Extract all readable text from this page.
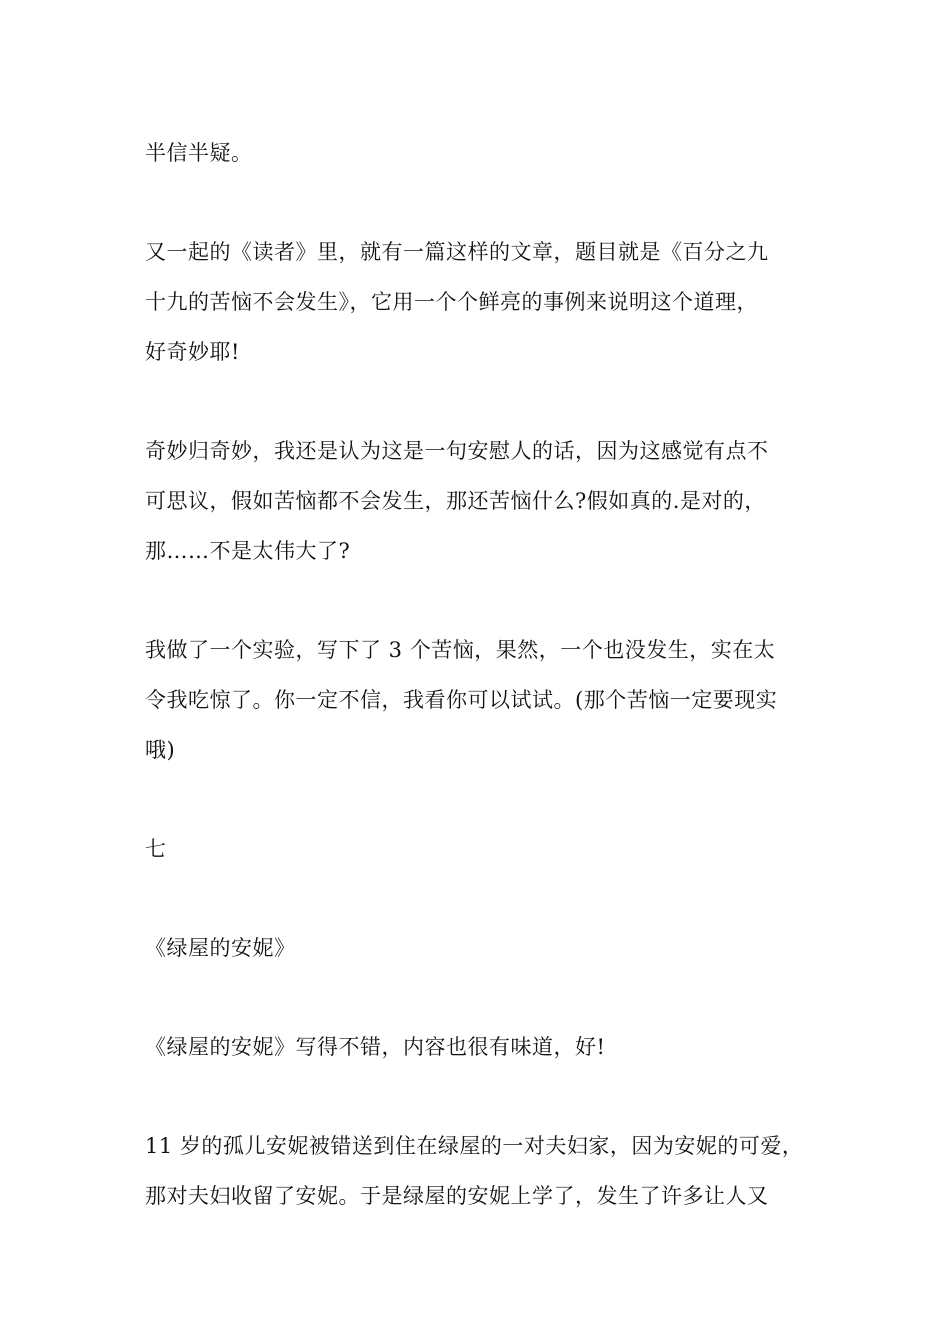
半信半疑。
又一起的《读者》里，就有一篇这样的文章，题目就是《百分之九
十九的苦恼不会发生》，它用一个个鲜亮的事例来说明这个道理，
好奇妙耶!
奇妙归奇妙，我还是认为这是一句安慰人的话，因为这感觉有点不
可思议，假如苦恼都不会发生，那还苦恼什么?假如真的.是对的，
那……不是太伟大了?
我做了一个实验，写下了 3 个苦恼，果然，一个也没发生，实在太
令我吃惊了。你一定不信，我看你可以试试。(那个苦恼一定要现实
哦)
七
《绿屋的安妮》
《绿屋的安妮》写得不错，内容也很有味道，好!
11 岁的孤儿安妮被错送到住在绿屋的一对夫妇家，因为安妮的可爱，
那对夫妇收留了安妮。于是绿屋的安妮上学了，发生了许多让人又
